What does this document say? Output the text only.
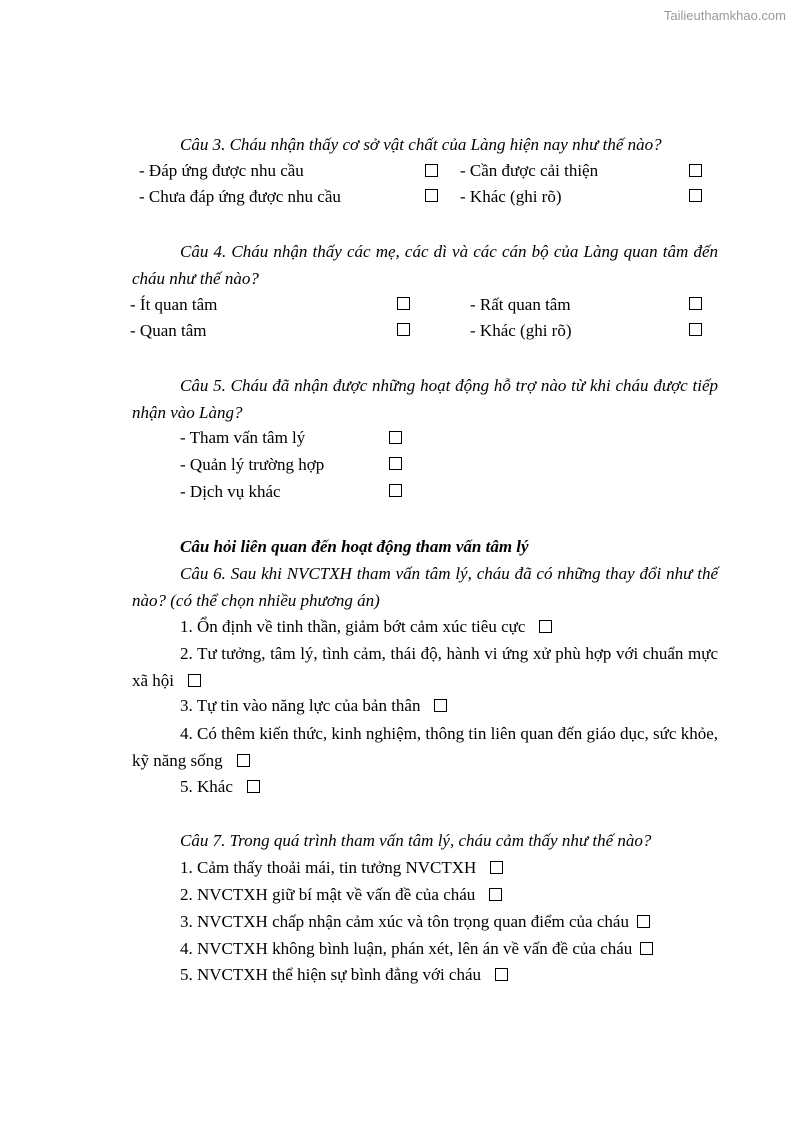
Tailieuthamkhao.com
Câu 3. Cháu nhận thấy cơ sở vật chất của Làng hiện nay như thế nào?
- Đáp ứng được nhu cầu	- Cần được cải thiện
- Chưa đáp ứng được nhu cầu	- Khác (ghi rõ)
Câu 4. Cháu nhận thấy các mẹ, các dì và các cán bộ của Làng quan tâm đến cháu như thế nào?
- Ít quan tâm	- Rất quan tâm
- Quan tâm	- Khác (ghi rõ)
Câu 5. Cháu đã nhận được những hoạt động hỗ trợ nào từ khi cháu được tiếp nhận vào Làng?
- Tham vấn tâm lý
- Quản lý trường hợp
- Dịch vụ khác
Câu hỏi liên quan đến hoạt động tham vấn tâm lý
Câu 6. Sau khi NVCTXH tham vấn tâm lý, cháu đã có những thay đổi như thế nào? (có thể chọn nhiều phương án)
1. Ổn định về tinh thần, giảm bớt cảm xúc tiêu cực
2. Tư tưởng, tâm lý, tình cảm, thái độ, hành vi ứng xử phù hợp với chuẩn mực xã hội
3. Tự tin vào năng lực của bản thân
4. Có thêm kiến thức, kinh nghiệm, thông tin liên quan đến giáo dục, sức khỏe, kỹ năng sống
5. Khác
Câu 7. Trong quá trình tham vấn tâm lý, cháu cảm thấy như thế nào?
1. Cảm thấy thoải mái, tin tưởng NVCTXH
2. NVCTXH giữ bí mật về vấn đề của cháu
3. NVCTXH chấp nhận cảm xúc và tôn trọng quan điểm của cháu
4. NVCTXH không bình luận, phán xét, lên án về vấn đề của cháu
5. NVCTXH thể hiện sự bình đẳng với cháu
